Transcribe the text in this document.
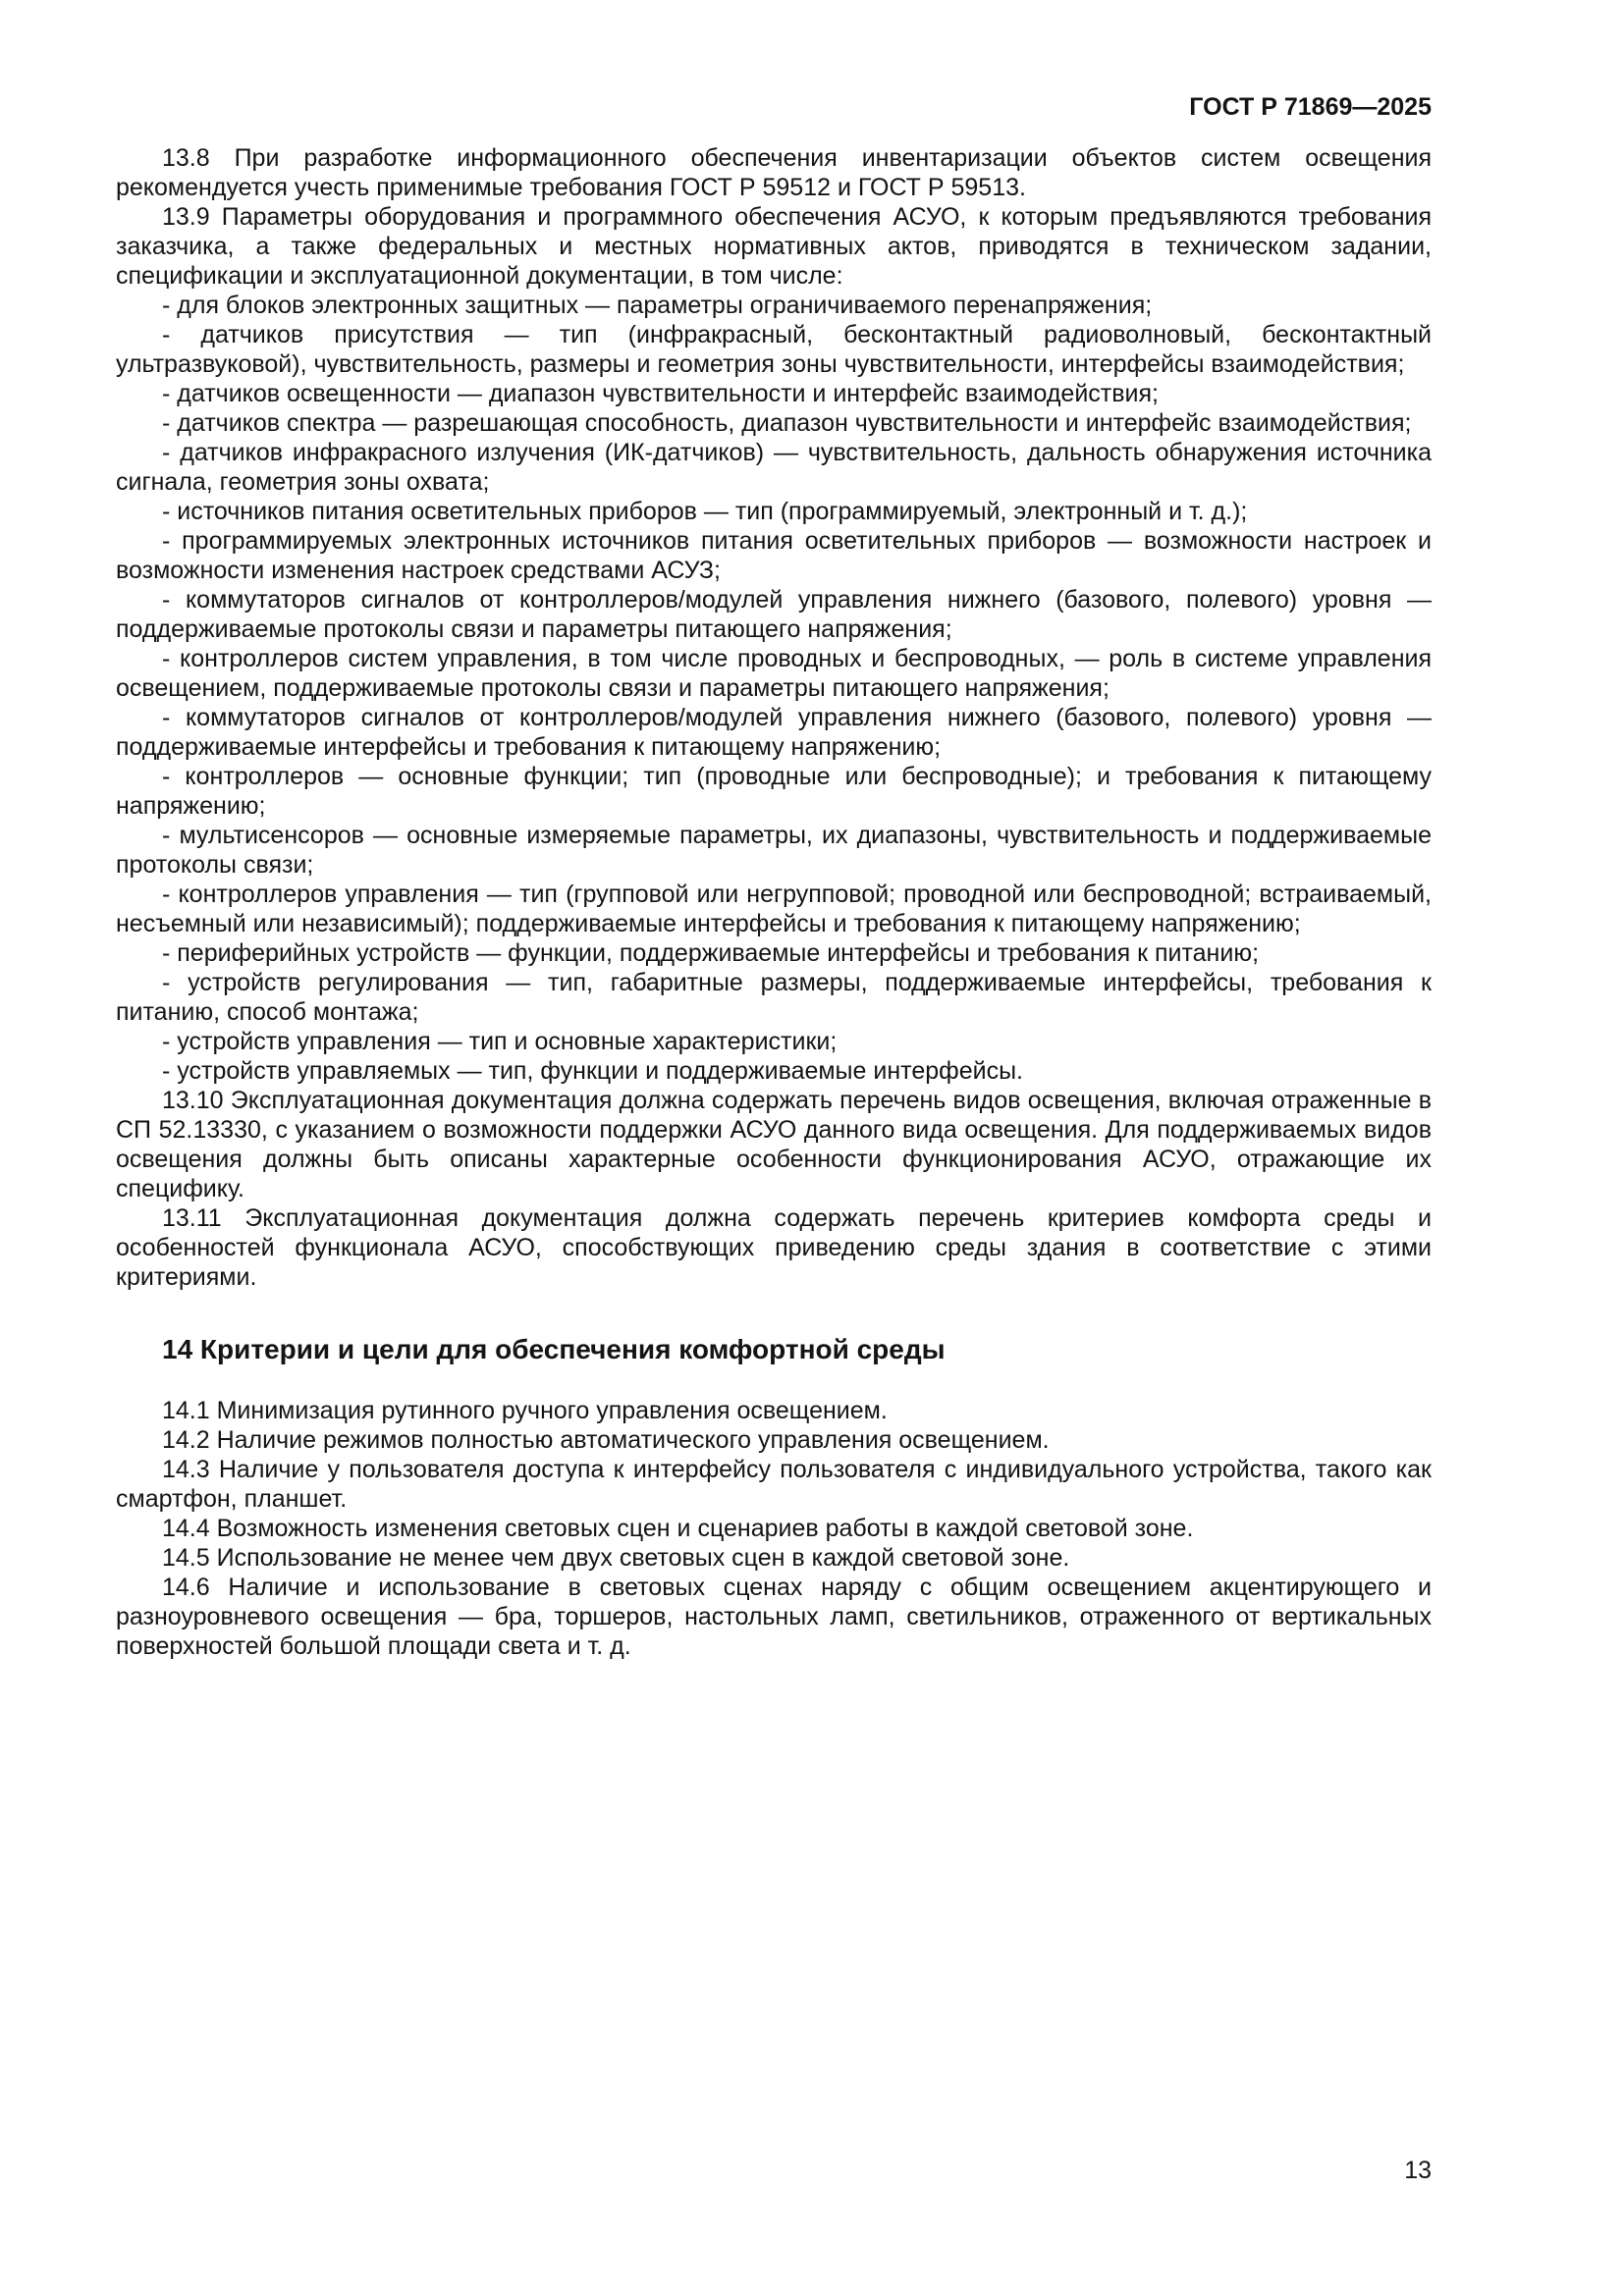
ГОСТ Р 71869—2025

13.8 При разработке информационного обеспечения инвентаризации объектов систем освещения рекомендуется учесть применимые требования ГОСТ Р 59512 и ГОСТ Р 59513.

13.9 Параметры оборудования и программного обеспечения АСУО, к которым предъявляются требования заказчика, а также федеральных и местных нормативных актов, приводятся в техническом задании, спецификации и эксплуатационной документации, в том числе:

- для блоков электронных защитных — параметры ограничиваемого перенапряжения;

- датчиков присутствия — тип (инфракрасный, бесконтактный радиоволновый, бесконтактный ультразвуковой), чувствительность, размеры и геометрия зоны чувствительности, интерфейсы взаимодействия;

- датчиков освещенности — диапазон чувствительности и интерфейс взаимодействия;

- датчиков спектра — разрешающая способность, диапазон чувствительности и интерфейс взаимодействия;

- датчиков инфракрасного излучения (ИК-датчиков) — чувствительность, дальность обнаружения источника сигнала, геометрия зоны охвата;

- источников питания осветительных приборов — тип (программируемый, электронный и т. д.);

- программируемых электронных источников питания осветительных приборов — возможности настроек и возможности изменения настроек средствами АСУЗ;

- коммутаторов сигналов от контроллеров/модулей управления нижнего (базового, полевого) уровня — поддерживаемые протоколы связи и параметры питающего напряжения;

- контроллеров систем управления, в том числе проводных и беспроводных, — роль в системе управления освещением, поддерживаемые протоколы связи и параметры питающего напряжения;

- коммутаторов сигналов от контроллеров/модулей управления нижнего (базового, полевого) уровня — поддерживаемые интерфейсы и требования к питающему напряжению;

- контроллеров — основные функции; тип (проводные или беспроводные); и требования к питающему напряжению;

- мультисенсоров — основные измеряемые параметры, их диапазоны, чувствительность и поддерживаемые протоколы связи;

- контроллеров управления — тип (групповой или негрупповой; проводной или беспроводной; встраиваемый, несъемный или независимый); поддерживаемые интерфейсы и требования к питающему напряжению;

- периферийных устройств — функции, поддерживаемые интерфейсы и требования к питанию;

- устройств регулирования — тип, габаритные размеры, поддерживаемые интерфейсы, требования к питанию, способ монтажа;

- устройств управления — тип и основные характеристики;

- устройств управляемых — тип, функции и поддерживаемые интерфейсы.

13.10 Эксплуатационная документация должна содержать перечень видов освещения, включая отраженные в СП 52.13330, с указанием о возможности поддержки АСУО данного вида освещения. Для поддерживаемых видов освещения должны быть описаны характерные особенности функционирования АСУО, отражающие их специфику.

13.11 Эксплуатационная документация должна содержать перечень критериев комфорта среды и особенностей функционала АСУО, способствующих приведению среды здания в соответствие с этими критериями.

14 Критерии и цели для обеспечения комфортной среды

14.1 Минимизация рутинного ручного управления освещением.

14.2 Наличие режимов полностью автоматического управления освещением.

14.3 Наличие у пользователя доступа к интерфейсу пользователя с индивидуального устройства, такого как смартфон, планшет.

14.4 Возможность изменения световых сцен и сценариев работы в каждой световой зоне.

14.5 Использование не менее чем двух световых сцен в каждой световой зоне.

14.6 Наличие и использование в световых сценах наряду с общим освещением акцентирующего и разноуровневого освещения — бра, торшеров, настольных ламп, светильников, отраженного от вертикальных поверхностей большой площади света и т. д.

13
